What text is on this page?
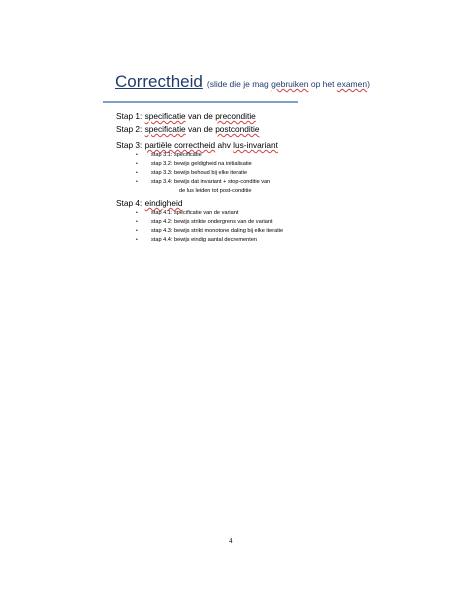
Correctheid (slide die je mag gebruiken op het examen)
Stap 1: specificatie van de preconditie
Stap 2: specificatie van de postconditie
Stap 3: partiële correctheid ahv lus-invariant
• stap 3.1: specificatie
• stap 3.2: bewijs geldigheid na initialisatie
• stap 3.3: bewijs behoud bij elke iteratie
• stap 3.4: bewijs dat invariant + stop-conditie van
de lus leiden tot post-conditie
Stap 4: eindigheid
• stap 4.1: specificatie van de variant
• stap 4.2: bewijs strikte ondergrens van de variant
• stap 4.3: bewijs strikt monotone daling bij elke iteratie
• stap 4.4: bewijs eindig aantal decrementen
4
